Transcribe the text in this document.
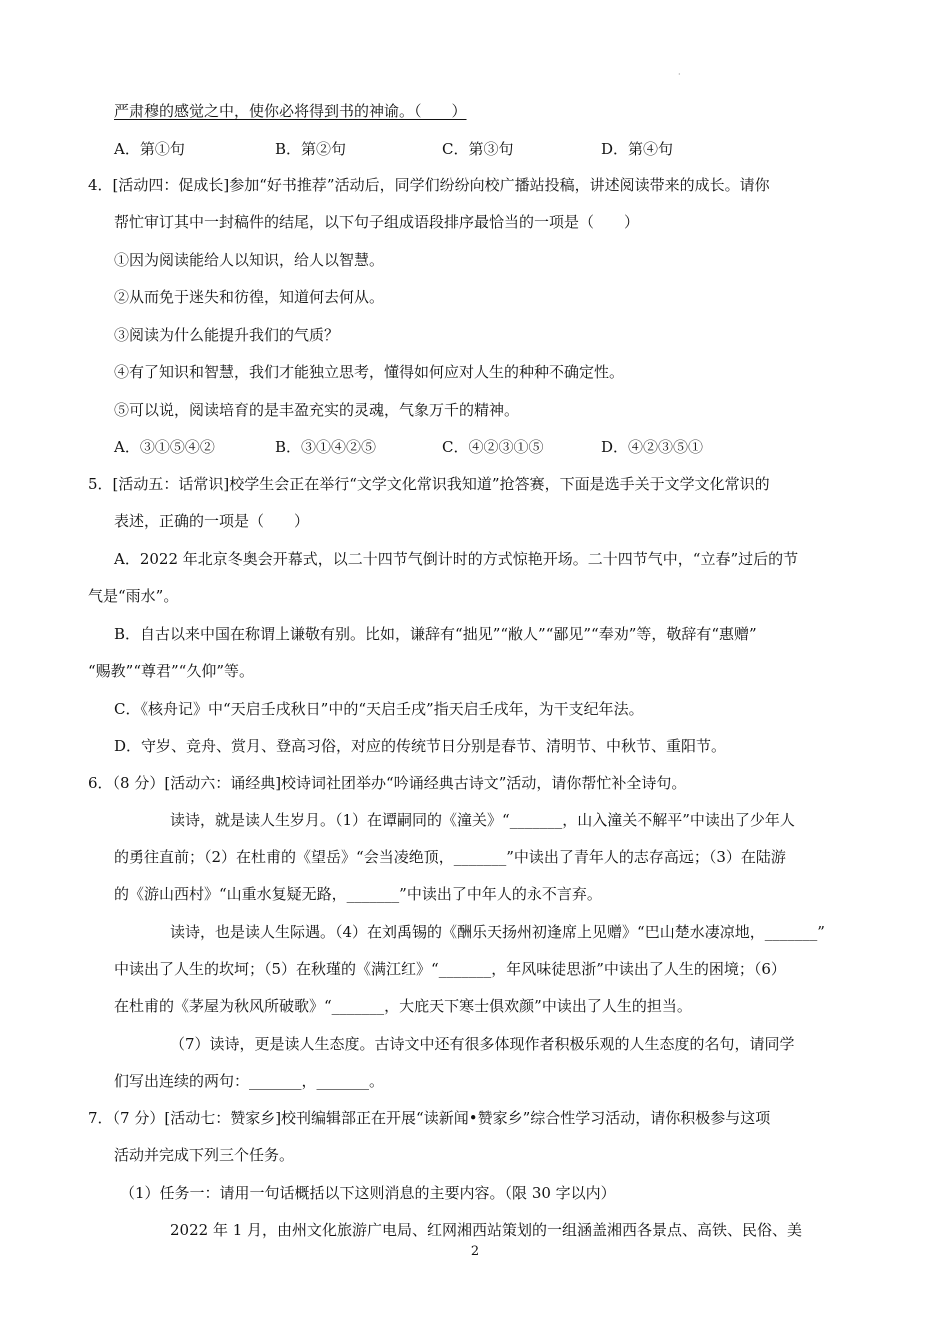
·
严肃穆的感觉之中，使你必将得到书的神谕。（　　）
A．第①句	B．第②句	C．第③句	D．第④句
4．[活动四：促成长]参加“好书推荐”活动后，同学们纷纷向校广播站投稿，讲述阅读带来的成长。请你
帮忙审订其中一封稿件的结尾，以下句子组成语段排序最恰当的一项是（　　）
①因为阅读能给人以知识，给人以智慧。
②从而免于迷失和彷徨，知道何去何从。
③阅读为什么能提升我们的气质？
④有了知识和智慧，我们才能独立思考，懂得如何应对人生的种种不确定性。
⑤可以说，阅读培育的是丰盈充实的灵魂，气象万千的精神。
A．③①⑤④②	B．③①④②⑤	C．④②③①⑤	D．④②③⑤①
5．[活动五：话常识]校学生会正在举行“文学文化常识我知道”抢答赛，下面是选手关于文学文化常识的
表述，正确的一项是（　　）
A．2022 年北京冬奥会开幕式，以二十四节气倒计时的方式惊艳开场。二十四节气中，“立春”过后的节
气是“雨水”。
B．自古以来中国在称谓上谦敬有别。比如，谦辞有“拙见”“敝人”“鄙见”“奉劝”等，敬辞有“惠赠”
“赐教”“尊君”“久仰”等。
C．《核舟记》中“天启壬戌秋日”中的“天启壬戌”指天启壬戌年，为干支纪年法。
D．守岁、竞舟、赏月、登高习俗，对应的传统节日分别是春节、清明节、中秋节、重阳节。
6．（8 分）[活动六：诵经典]校诗词社团举办“吟诵经典古诗文”活动，请你帮忙补全诗句。
读诗，就是读人生岁月。（1）在谭嗣同的《潼关》“_______，山入潼关不解平”中读出了少年人
的勇往直前；（2）在杜甫的《望岳》“会当凌绝顶，_______”中读出了青年人的志存高远；（3）在陆游
的《游山西村》“山重水复疑无路，_______”中读出了中年人的永不言弃。
读诗，也是读人生际遇。（4）在刘禹锡的《酬乐天扬州初逢席上见赠》“巴山楚水凄凉地，_______”
中读出了人生的坎坷；（5）在秋瑾的《满江红》“_______，年风味徒思浙”中读出了人生的困境；（6）
在杜甫的《茅屋为秋风所破歌》“_______，大庇天下寒士俱欢颜”中读出了人生的担当。
（7）读诗，更是读人生态度。古诗文中还有很多体现作者积极乐观的人生态度的名句，请同学
们写出连续的两句：_______，_______。
7．（7 分）[活动七：赞家乡]校刊编辑部正在开展“读新闻•赞家乡”综合性学习活动，请你积极参与这项
活动并完成下列三个任务。
（1）任务一：请用一句话概括以下这则消息的主要内容。（限 30 字以内）
2022 年 1 月，由州文化旅游广电局、红网湘西站策划的一组涵盖湘西各景点、高铁、民俗、美
2
